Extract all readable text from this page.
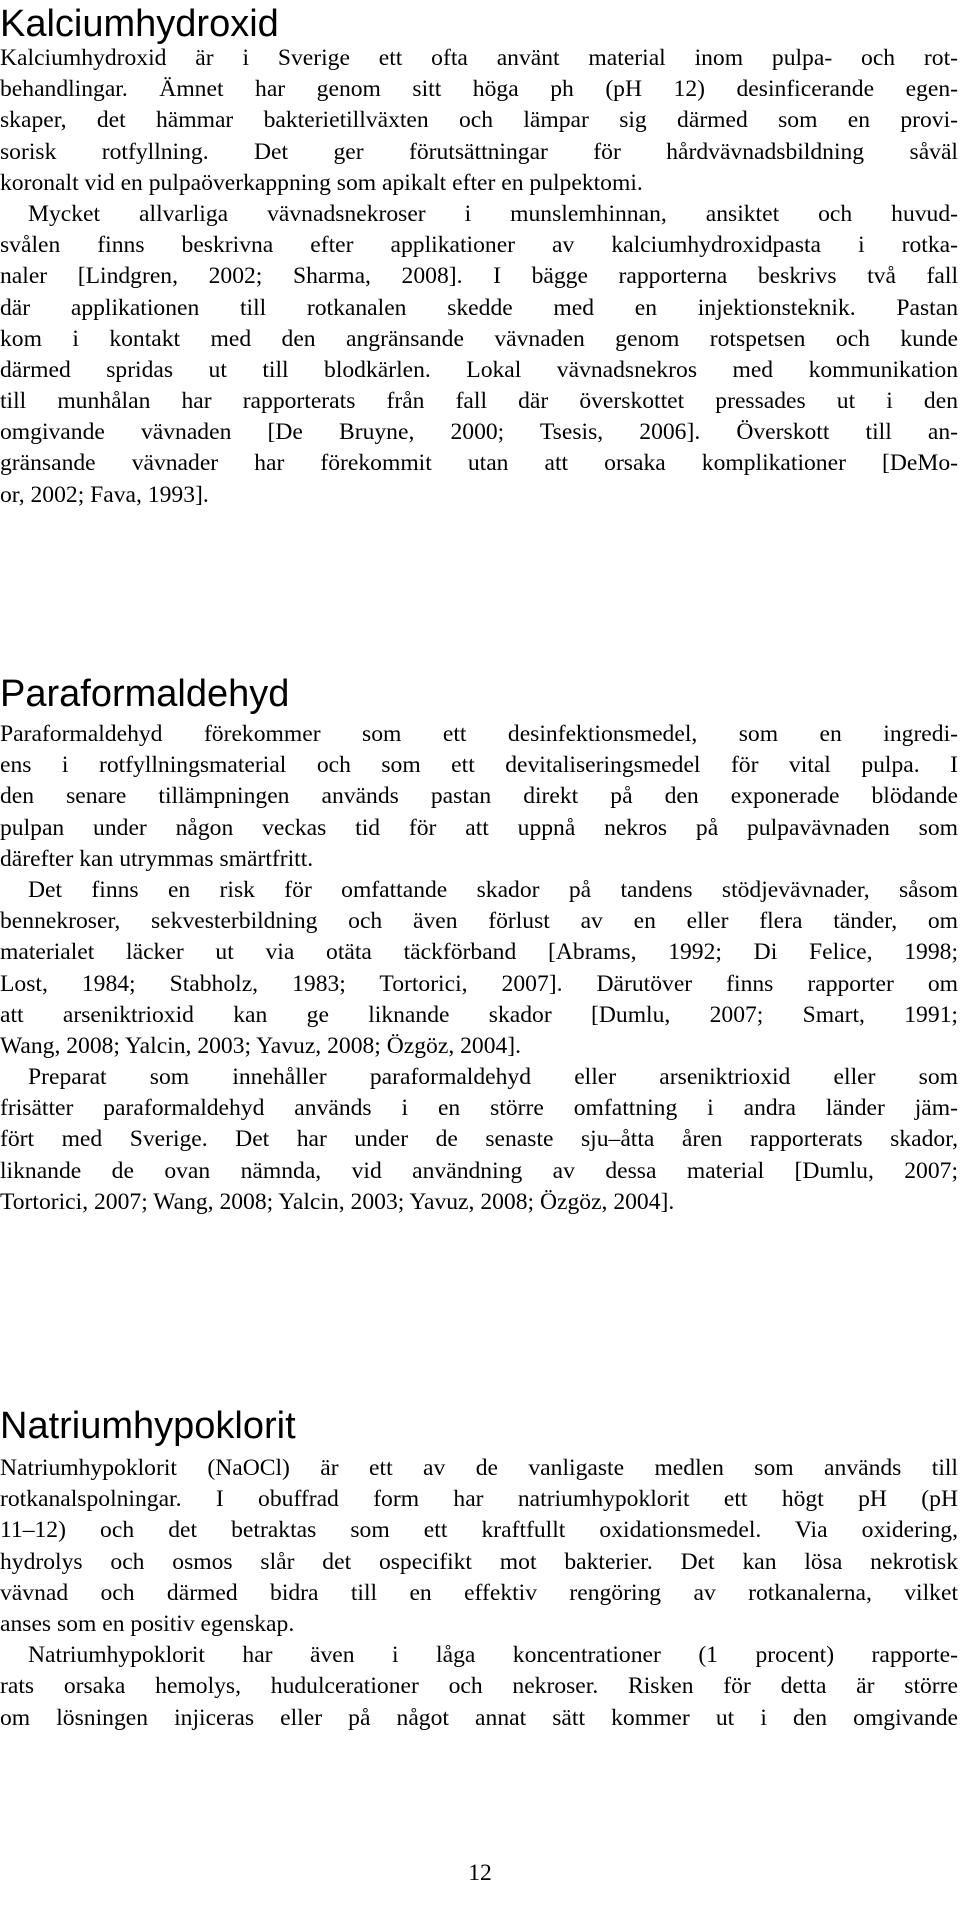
Kalciumhydroxid
Kalciumhydroxid är i Sverige ett ofta använt material inom pulpa- och rot-
behandlingar. Ämnet har genom sitt höga ph (pH 12) desinficerande egen-
skaper, det hämmar bakterietillväxten och lämpar sig därmed som en provi-
sorisk rotfyllning. Det ger förutsättningar för hårdvävnadsbildning såväl
koronalt vid en pulpaöverkappning som apikalt efter en pulpektomi.
Mycket allvarliga vävnadsnekroser i munslemhinnan, ansiktet och huvud-
svålen finns beskrivna efter applikationer av kalciumhydroxidpasta i rotka-
naler [Lindgren, 2002; Sharma, 2008]. I bägge rapporterna beskrivs två fall
där applikationen till rotkanalen skedde med en injektionsteknik. Pastan
kom i kontakt med den angränsande vävnaden genom rotspetsen och kunde
därmed spridas ut till blodkärlen. Lokal vävnadsnekros med kommunikation
till munhålan har rapporterats från fall där överskottet pressades ut i den
omgivande vävnaden [De Bruyne, 2000; Tsesis, 2006]. Överskott till an-
gränsande vävnader har förekommit utan att orsaka komplikationer [DeMo-
or, 2002; Fava, 1993].
Paraformaldehyd
Paraformaldehyd förekommer som ett desinfektionsmedel, som en ingredi-
ens i rotfyllningsmaterial och som ett devitaliseringsmedel för vital pulpa. I
den senare tillämpningen används pastan direkt på den exponerade blödande
pulpan under någon veckas tid för att uppnå nekros på pulpavävnaden som
därefter kan utrymmas smärtfritt.
Det finns en risk för omfattande skador på tandens stödjevävnader, såsom
bennekroser, sekvesterbildning och även förlust av en eller flera tänder, om
materialet läcker ut via otäta täckförband [Abrams, 1992; Di Felice, 1998;
Lost, 1984; Stabholz, 1983; Tortorici, 2007]. Därutöver finns rapporter om
att arseniktrioxid kan ge liknande skador [Dumlu, 2007; Smart, 1991;
Wang, 2008; Yalcin, 2003; Yavuz, 2008; Özgöz, 2004].
Preparat som innehåller paraformaldehyd eller arseniktrioxid eller som
frisätter paraformaldehyd används i en större omfattning i andra länder jäm-
fört med Sverige. Det har under de senaste sju–åtta åren rapporterats skador,
liknande de ovan nämnda, vid användning av dessa material [Dumlu, 2007;
Tortorici, 2007; Wang, 2008; Yalcin, 2003; Yavuz, 2008; Özgöz, 2004].
Natriumhypoklorit
Natriumhypoklorit (NaOCl) är ett av de vanligaste medlen som används till
rotkanalspolningar. I obuffrad form har natriumhypoklorit ett högt pH (pH
11–12) och det betraktas som ett kraftfullt oxidationsmedel. Via oxidering,
hydrolys och osmos slår det ospecifikt mot bakterier. Det kan lösa nekrotisk
vävnad och därmed bidra till en effektiv rengöring av rotkanalerna, vilket
anses som en positiv egenskap.
Natriumhypoklorit har även i låga koncentrationer (1 procent) rapporte-
rats orsaka hemolys, hudulcerationer och nekroser. Risken för detta är större
om lösningen injiceras eller på något annat sätt kommer ut i den omgivande
12
